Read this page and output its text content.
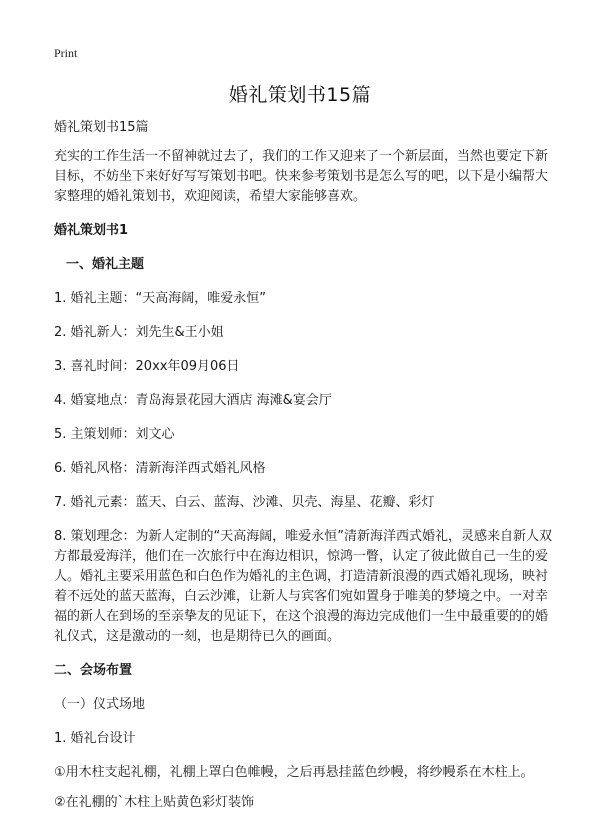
Print
婚礼策划书15篇

婚礼策划书15篇

充实的工作生活一不留神就过去了，我们的工作又迎来了一个新层面，当然也要定下新目标，不妨坐下来好好写写策划书吧。快来参考策划书是怎么写的吧，以下是小编帮大家整理的婚礼策划书，欢迎阅读，希望大家能够喜欢。

婚礼策划书1

一、婚礼主题

1. 婚礼主题：“天高海阔，唯爱永恒”

2. 婚礼新人：刘先生&王小姐

3. 喜礼时间：20xx年09月06日

4. 婚宴地点：青岛海景花园大酒店 海滩&宴会厅

5. 主策划师：刘文心

6. 婚礼风格：清新海洋西式婚礼风格

7. 婚礼元素：蓝天、白云、蓝海、沙滩、贝壳、海星、花瓣、彩灯

8. 策划理念：为新人定制的“天高海阔，唯爱永恒”清新海洋西式婚礼，灵感来自新人双方都最爱海洋，他们在一次旅行中在海边相识，惊鸿一瞥，认定了彼此做自己一生的爱人。婚礼主要采用蓝色和白色作为婚礼的主色调，打造清新浪漫的西式婚礼现场，映衬着不远处的蓝天蓝海，白云沙滩，让新人与宾客们宛如置身于唯美的梦境之中。一对幸福的新人在到场的至亲挚友的见证下，在这个浪漫的海边完成他们一生中最重要的的婚礼仪式，这是激动的一刻，也是期待已久的画面。

二、会场布置

（一）仪式场地

1. 婚礼台设计

①用木柱支起礼棚，礼棚上罩白色帷幔，之后再悬挂蓝色纱幔，将纱幔系在木柱上。

②在礼棚的`木柱上贴黄色彩灯装饰
